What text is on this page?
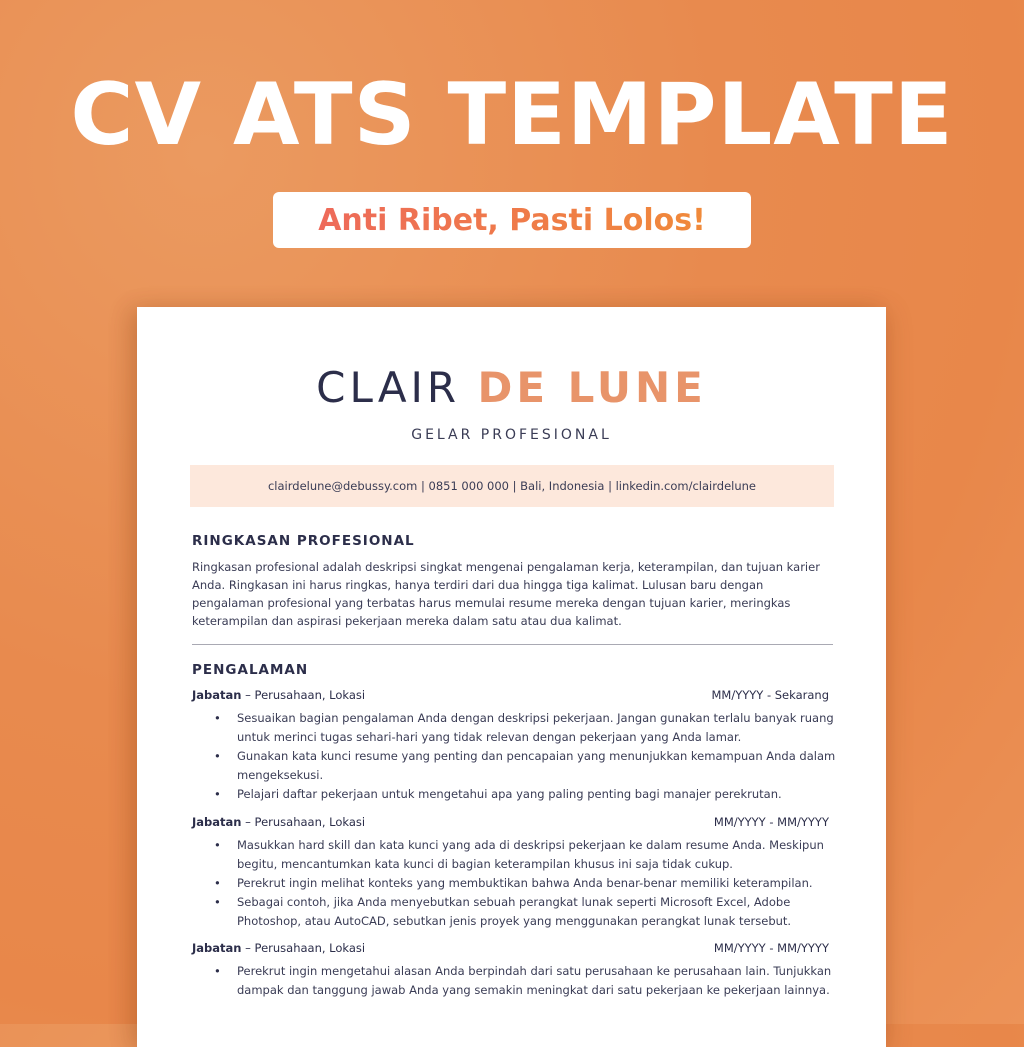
CV ATS TEMPLATE
Anti Ribet, Pasti Lolos!
CLAIR DE LUNE
GELAR PROFESIONAL
clairdelune@debussy.com | 0851 000 000 | Bali, Indonesia | linkedin.com/clairdelune
RINGKASAN PROFESIONAL
Ringkasan profesional adalah deskripsi singkat mengenai pengalaman kerja, keterampilan, dan tujuan karier Anda. Ringkasan ini harus ringkas, hanya terdiri dari dua hingga tiga kalimat. Lulusan baru dengan pengalaman profesional yang terbatas harus memulai resume mereka dengan tujuan karier, meringkas keterampilan dan aspirasi pekerjaan mereka dalam satu atau dua kalimat.
PENGALAMAN
Jabatan – Perusahaan, Lokasi	MM/YYYY - Sekarang
• Sesuaikan bagian pengalaman Anda dengan deskripsi pekerjaan. Jangan gunakan terlalu banyak ruang untuk merinci tugas sehari-hari yang tidak relevan dengan pekerjaan yang Anda lamar.
• Gunakan kata kunci resume yang penting dan pencapaian yang menunjukkan kemampuan Anda dalam mengeksekusi.
• Pelajari daftar pekerjaan untuk mengetahui apa yang paling penting bagi manajer perekrutan.
Jabatan – Perusahaan, Lokasi	MM/YYYY - MM/YYYY
• Masukkan hard skill dan kata kunci yang ada di deskripsi pekerjaan ke dalam resume Anda. Meskipun begitu, mencantumkan kata kunci di bagian keterampilan khusus ini saja tidak cukup.
• Perekrut ingin melihat konteks yang membuktikan bahwa Anda benar-benar memiliki keterampilan.
• Sebagai contoh, jika Anda menyebutkan sebuah perangkat lunak seperti Microsoft Excel, Adobe Photoshop, atau AutoCAD, sebutkan jenis proyek yang menggunakan perangkat lunak tersebut.
Jabatan – Perusahaan, Lokasi	MM/YYYY - MM/YYYY
• Perekrut ingin mengetahui alasan Anda berpindah dari satu perusahaan ke perusahaan lain. Tunjukkan dampak dan tanggung jawab Anda yang semakin meningkat dari satu pekerjaan ke pekerjaan lainnya.
